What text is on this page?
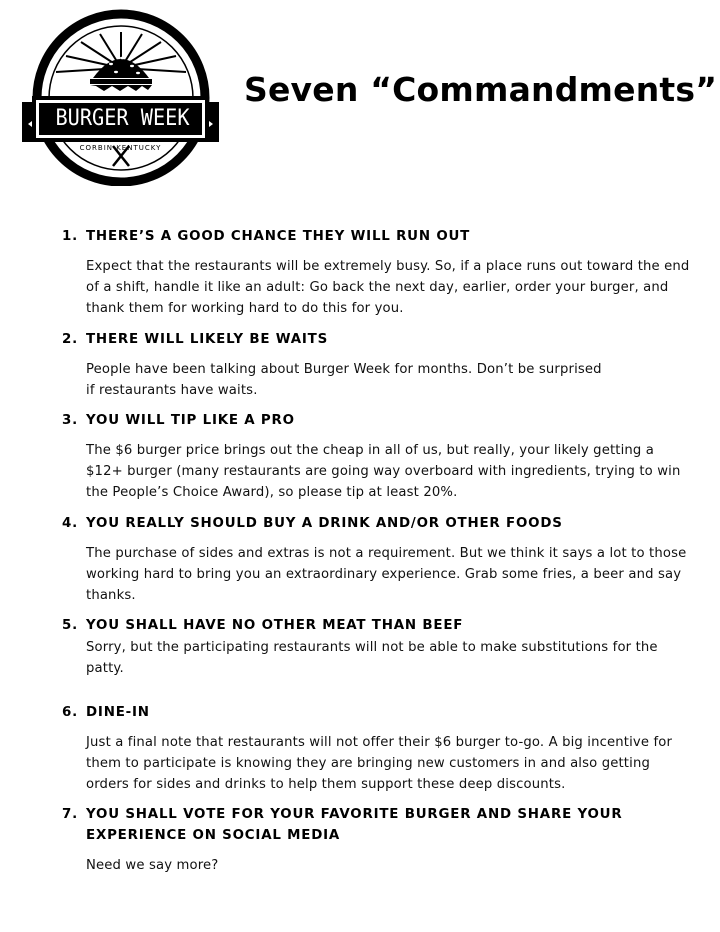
BURGER WEEK
CORBIN KENTUCKY
Seven “Commandments”
1. THERE’S A GOOD CHANCE THEY WILL RUN OUT
Expect that the restaurants will be extremely busy. So, if a place runs out toward the end of a shift, handle it like an adult: Go back the next day, earlier, order your burger, and thank them for working hard to do this for you.
2. THERE WILL LIKELY BE WAITS
People have been talking about Burger Week for months. Don’t be surprised if restaurants have waits.
3. YOU WILL TIP LIKE A PRO
The $6 burger price brings out the cheap in all of us, but really, your likely getting a $12+ burger (many restaurants are going way overboard with ingredients, trying to win the People’s Choice Award), so please tip at least 20%.
4. YOU REALLY SHOULD BUY A DRINK AND/OR OTHER FOODS
The purchase of sides and extras is not a requirement. But we think it says a lot to those working hard to bring you an extraordinary experience. Grab some fries, a beer and say thanks.
5. YOU SHALL HAVE NO OTHER MEAT THAN BEEF
Sorry, but the participating restaurants will not be able to make substitutions for the patty.
6. DINE-IN
Just a final note that restaurants will not offer their $6 burger to-go. A big incentive for them to participate is knowing they are bringing new customers in and also getting orders for sides and drinks to help them support these deep discounts.
7. YOU SHALL VOTE FOR YOUR FAVORITE BURGER AND SHARE YOUR EXPERIENCE ON SOCIAL MEDIA
Need we say more?
